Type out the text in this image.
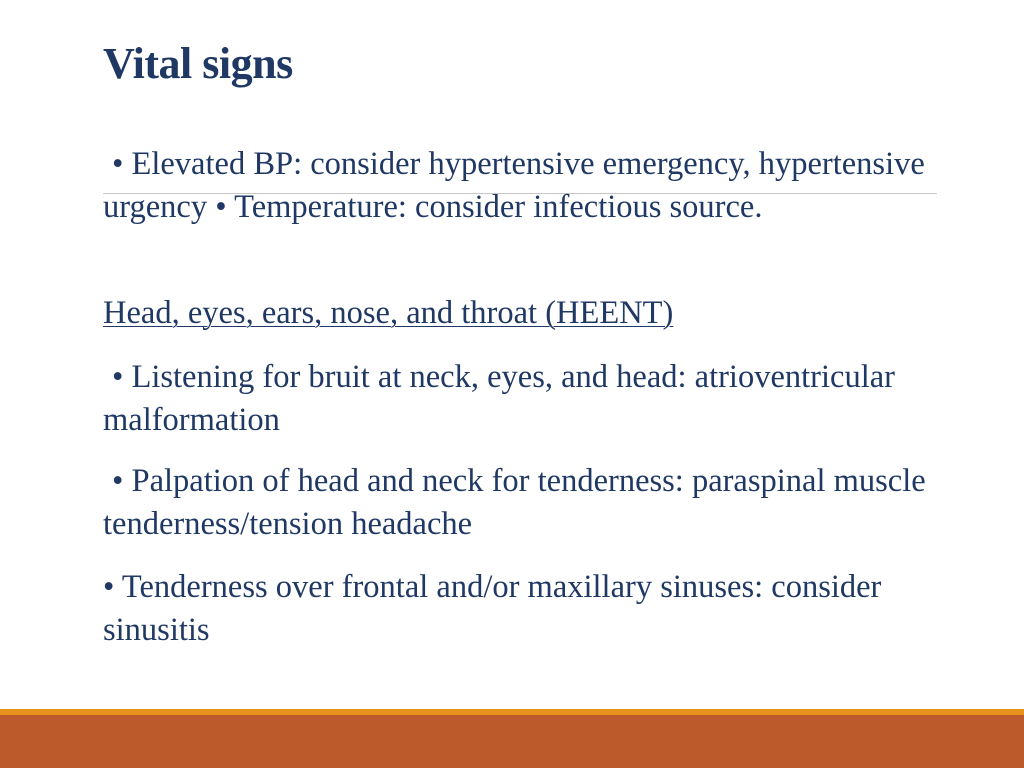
Vital signs

• Elevated BP: consider hypertensive emergency, hypertensive urgency • Temperature: consider infectious source.

Head, eyes, ears, nose, and throat (HEENT)

• Listening for bruit at neck, eyes, and head: atrioventricular malformation

• Palpation of head and neck for tenderness: paraspinal muscle tenderness/tension headache

• Tenderness over frontal and/or maxillary sinuses: consider sinusitis
